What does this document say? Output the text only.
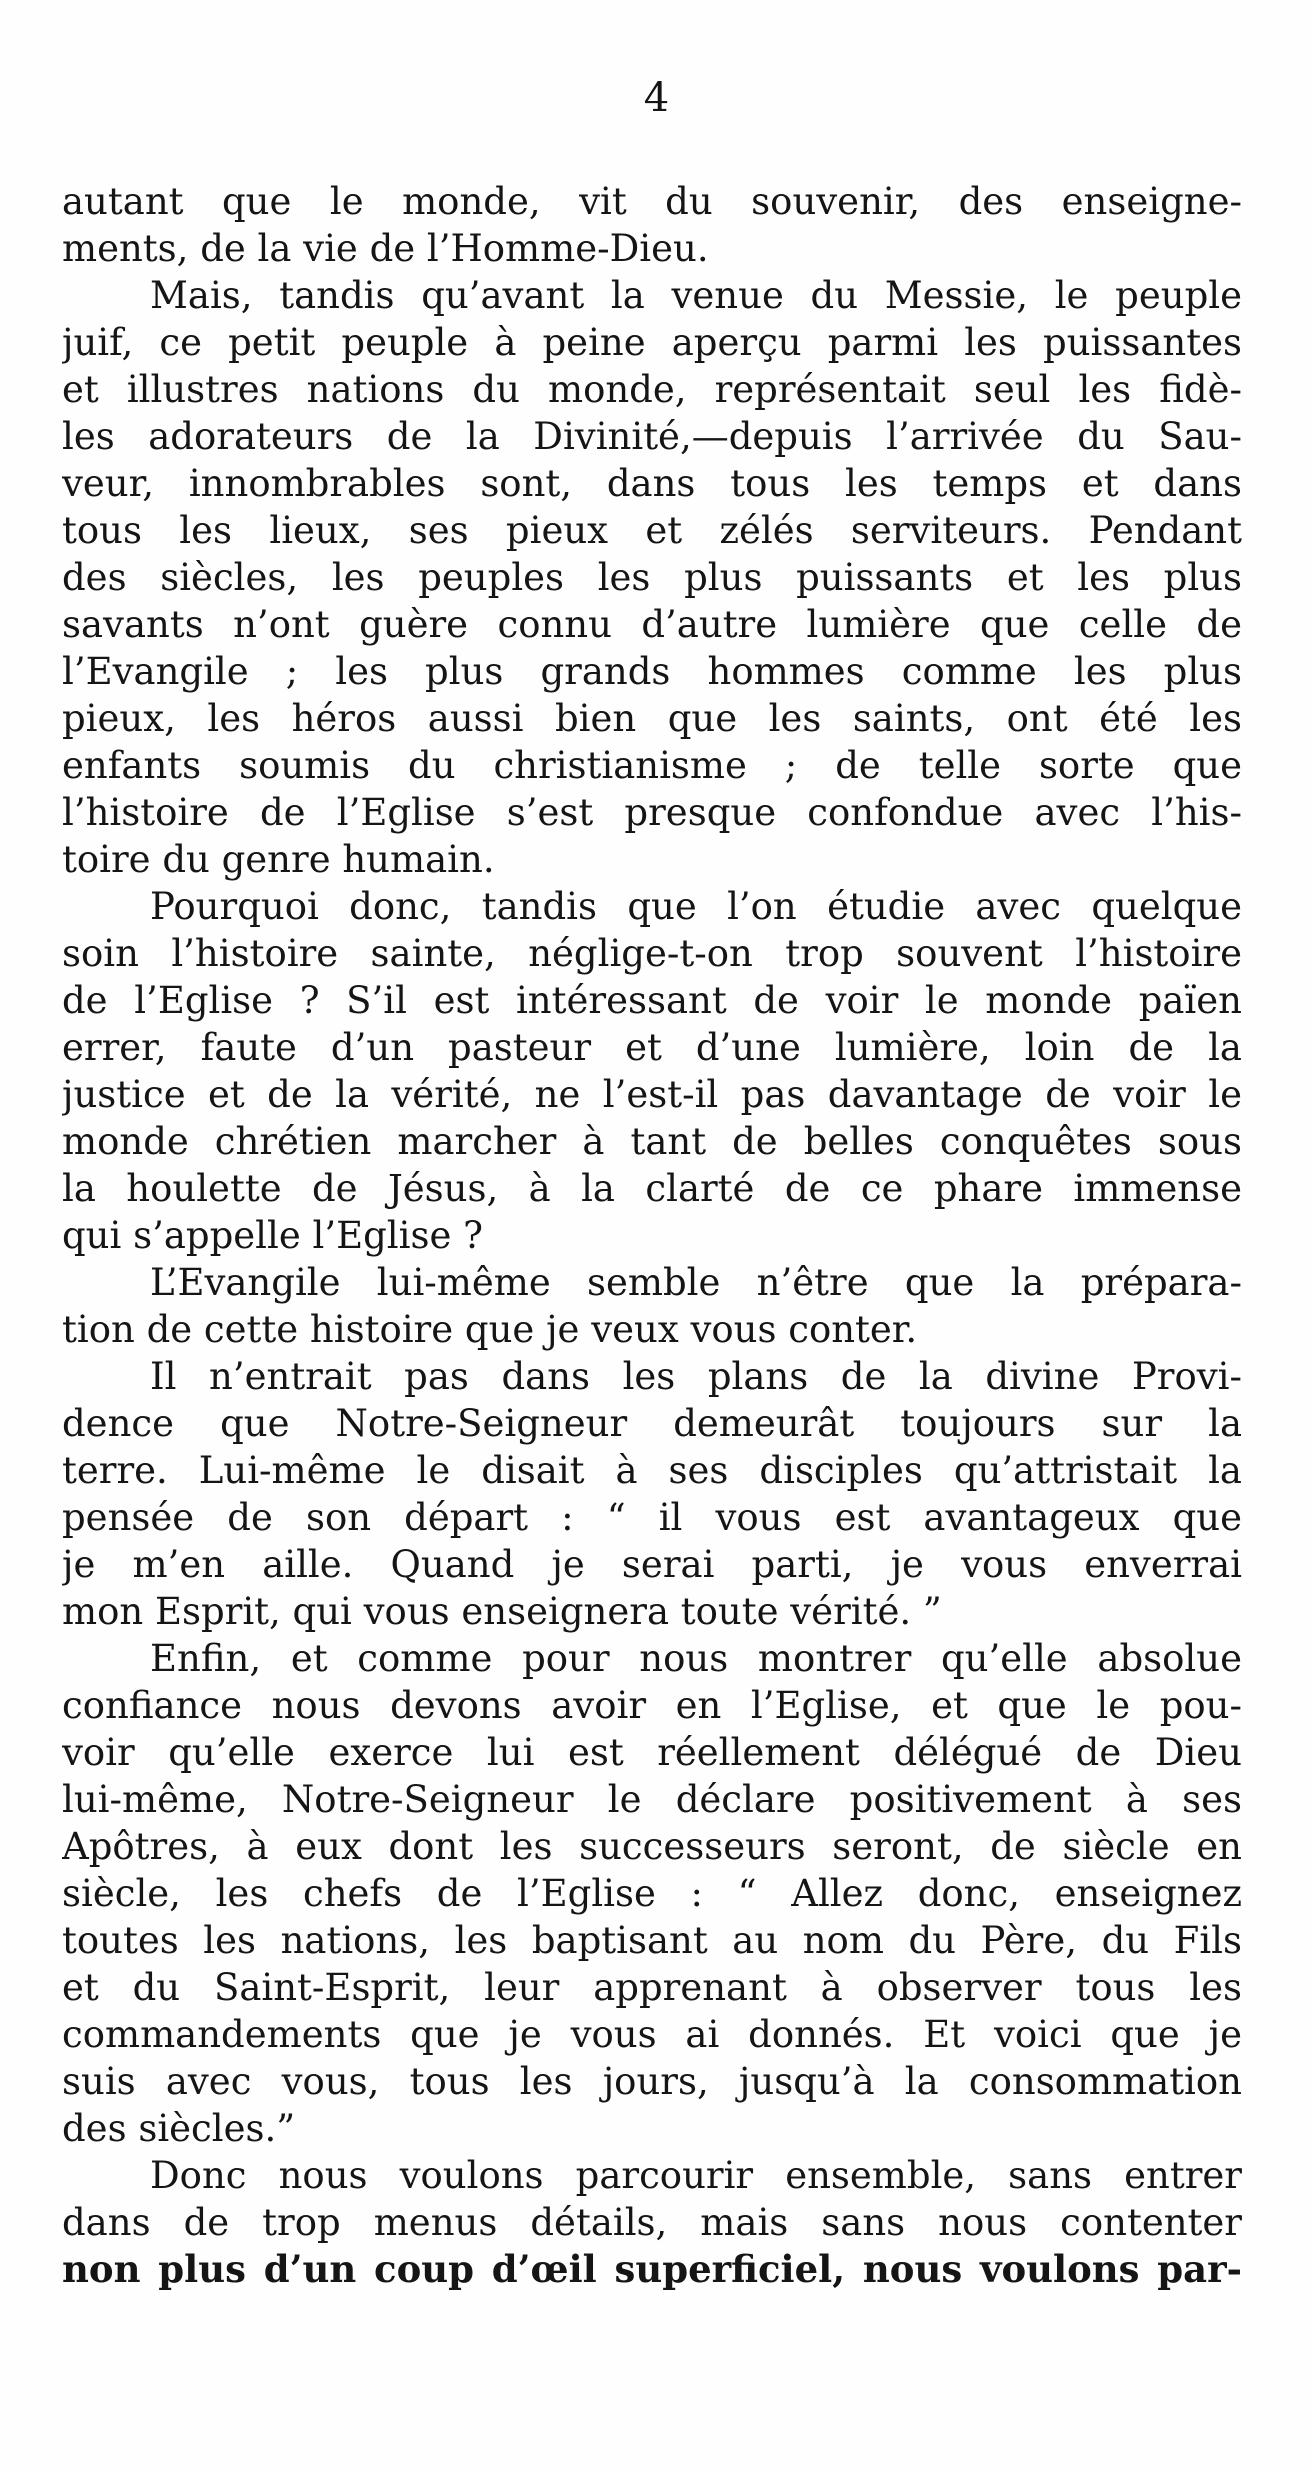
4
autant que le monde, vit du souvenir, des enseigne-
ments, de la vie de l’Homme-Dieu.
Mais, tandis qu’avant la venue du Messie, le peuple
juif, ce petit peuple à peine aperçu parmi les puissantes
et illustres nations du monde, représentait seul les fidè-
les adorateurs de la Divinité,—depuis l’arrivée du Sau-
veur, innombrables sont, dans tous les temps et dans
tous les lieux, ses pieux et zélés serviteurs. Pendant
des siècles, les peuples les plus puissants et les plus
savants n’ont guère connu d’autre lumière que celle de
l’Evangile ; les plus grands hommes comme les plus
pieux, les héros aussi bien que les saints, ont été les
enfants soumis du christianisme ; de telle sorte que
l’histoire de l’Eglise s’est presque confondue avec l’his-
toire du genre humain.
Pourquoi donc, tandis que l’on étudie avec quelque
soin l’histoire sainte, néglige-t-on trop souvent l’histoire
de l’Eglise ? S’il est intéressant de voir le monde païen
errer, faute d’un pasteur et d’une lumière, loin de la
justice et de la vérité, ne l’est-il pas davantage de voir le
monde chrétien marcher à tant de belles conquêtes sous
la houlette de Jésus, à la clarté de ce phare immense
qui s’appelle l’Eglise ?
L’Evangile lui-même semble n’être que la prépara-
tion de cette histoire que je veux vous conter.
Il n’entrait pas dans les plans de la divine Provi-
dence que Notre-Seigneur demeurât toujours sur la
terre. Lui-même le disait à ses disciples qu’attristait la
pensée de son départ : “ il vous est avantageux que
je m’en aille. Quand je serai parti, je vous enverrai
mon Esprit, qui vous enseignera toute vérité. ”
Enfin, et comme pour nous montrer qu’elle absolue
confiance nous devons avoir en l’Eglise, et que le pou-
voir qu’elle exerce lui est réellement délégué de Dieu
lui-même, Notre-Seigneur le déclare positivement à ses
Apôtres, à eux dont les successeurs seront, de siècle en
siècle, les chefs de l’Eglise : “ Allez donc, enseignez
toutes les nations, les baptisant au nom du Père, du Fils
et du Saint-Esprit, leur apprenant à observer tous les
commandements que je vous ai donnés. Et voici que je
suis avec vous, tous les jours, jusqu’à la consommation
des siècles.”
Donc nous voulons parcourir ensemble, sans entrer
dans de trop menus détails, mais sans nous contenter
non plus d’un coup d’œil superficiel, nous voulons par-
